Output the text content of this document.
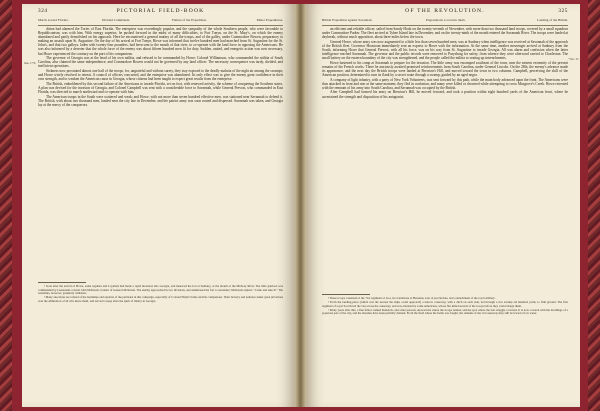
324	PICTORIAL FIELD-BOOK
March toward Florida.	Divided Commands.	Failure of the Expedition.	Minor Expeditions.

dition had alarmed the Tories of East Florida. The enterprise was exceedingly popular, and the sympathy of the whole Southern people, who were favorable to Republicanism, was with him. With energy superior, he pushed forward in the midst of many difficulties, to Fort Tonyn, on the St. Mary's, on which the enemy abandoned and partly demolished on his approach. Here he encountered a general mutiny of all the troops, and of the galley, under Commodore Bowen, preparatory to making an assault upon St. Augustine. On the day of his arrival at Fort Tonyn, Howe was informed that twelve hundred men had marched from St. Augustine for the St. John's, and that two galleys, laden with twenty-four pounders, had been sent to the mouth of that river, to co-operate with the land force in opposing the Americans. He was also informed by a deserter that the whole force of the enemy was about fifteen hundred men fit for duty. Sudden, united, and energetic action was now necessary, but Howe experienced the contrary on the part of his companions.

The governor of Georgia was at the head of his own militia, and refused to be commanded by Howe; Colonel Williamson, who commanded the militia of South Carolina, also claimed the same independence; and Commodore Bowen would not be governed by any land officer. The necessary consequence was tardy, divided, and inefficient operations.

Sickness now prostrated almost one half of the troops, for, ungrateful and without surety, they stay exposed to the deadly malaria of the night air among the swamps; and Howe wisely resolved to retreat. A council of officers concurred, and the enterprise was abandoned. Its only effect was to give the enemy great confidence in their own strength, and to weaken the American cause in Georgia, whose citizens had been taught to expect great results from the enterprise.

The British, emboldened by this second failure of the Americans to invade Florida, set on foot, with renewed activity, the scheme of conquering the Southern states. A plan was devised for the invasion of Georgia, and Colonel Campbell was sent with a considerable force to Savannah, while General Prevost, who commanded in East Florida, was directed to march northward and co-operate with him.

The American troops in the South were scattered and weak; and Howe, with not more than seven hundred effective men, was stationed near Savannah to defend it. The British, with about two thousand men, landed near the city late in December, and the patriot army was soon routed and dispersed. Savannah was taken, and Georgia lay at the mercy of the conquerors.

June, 1778.

¹ Soon after the arrival of Howe, some regulars and Loyalists had made a rapid incursion into Georgia, and menaced the fort at Sunbury, at the mouth of the Midway River. The little garrison was commanded by Lieutenant-colonel John McIntosh, brother of General McIntosh. The enemy approached in two divisions, and summoned the fort to surrender; McIntosh replied, "Come and take it!" The assailants, however, prudently withdrew.

² Many anecdotes are related of the hardships and exploits of the partisans in this campaign, especially of Colonel Elijah Clarke and his companions. Their bravery and patience under great privations won the admiration of all who knew them, and served to keep alive the spirit of liberty in Georgia.

OF THE REVOLUTION.	325
British Expedition against Savannah.	Preparations to receive them.	Landing of the British.

an efficient and reliable officer, sailed from Sandy Hook on the twenty-seventh of November, with more than two thousand land troops, covered by a small squadron under Commodore Parker. The fleet arrived at Tybee Island late in December, and on the twenty-ninth of the month entered the Savannah River. The troops were landed at daybreak, without much opposition, about three miles below the town.

General Howe, whose army was now augmented to a little less than seven hundred men, was at Sunbury when intelligence was received at Savannah of the approach of the British fleet. Governor Houstoun immediately sent an express to Howe with the information. At the same time, another messenger arrived at Sunbury from the South, informing Howe that General Prevost, with all his force, was on his way from St. Augustine to invade Georgia. All was alarm and confusion when the latter intelligence reached Savannah. The governor and the public records were removed to Purysburg for safety, from whence they were afterward carried to Charleston. The small battery on the eastern boundary of the city was strengthened, and the people called the militia to seating up intrenchments.

Howe hastened to his camp at Savannah to prepare for the invasion. The little army was encamped southeast of the town, near the eastern extremity of the present remains of the French works. There he anxiously awaited promised reinforcements from South Carolina, under General Lincoln. On the 28th, the enemy's advance made its appearance, and the next day the British troops were landed at Brewton's Hill, and moved toward the town in two columns. Campbell, perceiving the skill of the American position, determined to turn its flank by a secret route through a swamp, guided by an aged negro.

A company of light infantry, with a party of New York Volunteers, was sent forward by this path, while the main body advanced upon the front. The Americans were thus attacked in front and rear at the same moment; they fled in confusion, and many were killed or drowned while attempting to cross Musgrove's Creek. Howe retreated with the remnant of his army into South Carolina, and Savannah was occupied by the British.

After Campbell had formed his army on Brewton's Hill, he moved forward, and took a position within eight hundred yards of the American front, where he ascertained the strength and disposition of his antagonist.

* Dec. 23.

¹ These troops consisted of the 71st regiment of foot, two battalions of Hessians, four of provincials, and a detachment of the royal artillery.

² From the landing-place (which was the nearest the ships could approach) a narrow causeway, with a ditch on each side, led through a rice swamp six hundred yards, to firm ground. The first regiment of royal Scotch led the van across the causeway, and was attacked by some Americans, whose fire killed several of the troops before they could charge them.

³ Many years after this, a fine fellow named Ruddock, and other persons, showed me where the troops landed, and the spot where the last struggle occurred. It is now covered with the dwellings of a populous part of the city, and the marshes have been partially drained. From the field where the battle was fought, the remains of the old causeway may still be traced at low water.
